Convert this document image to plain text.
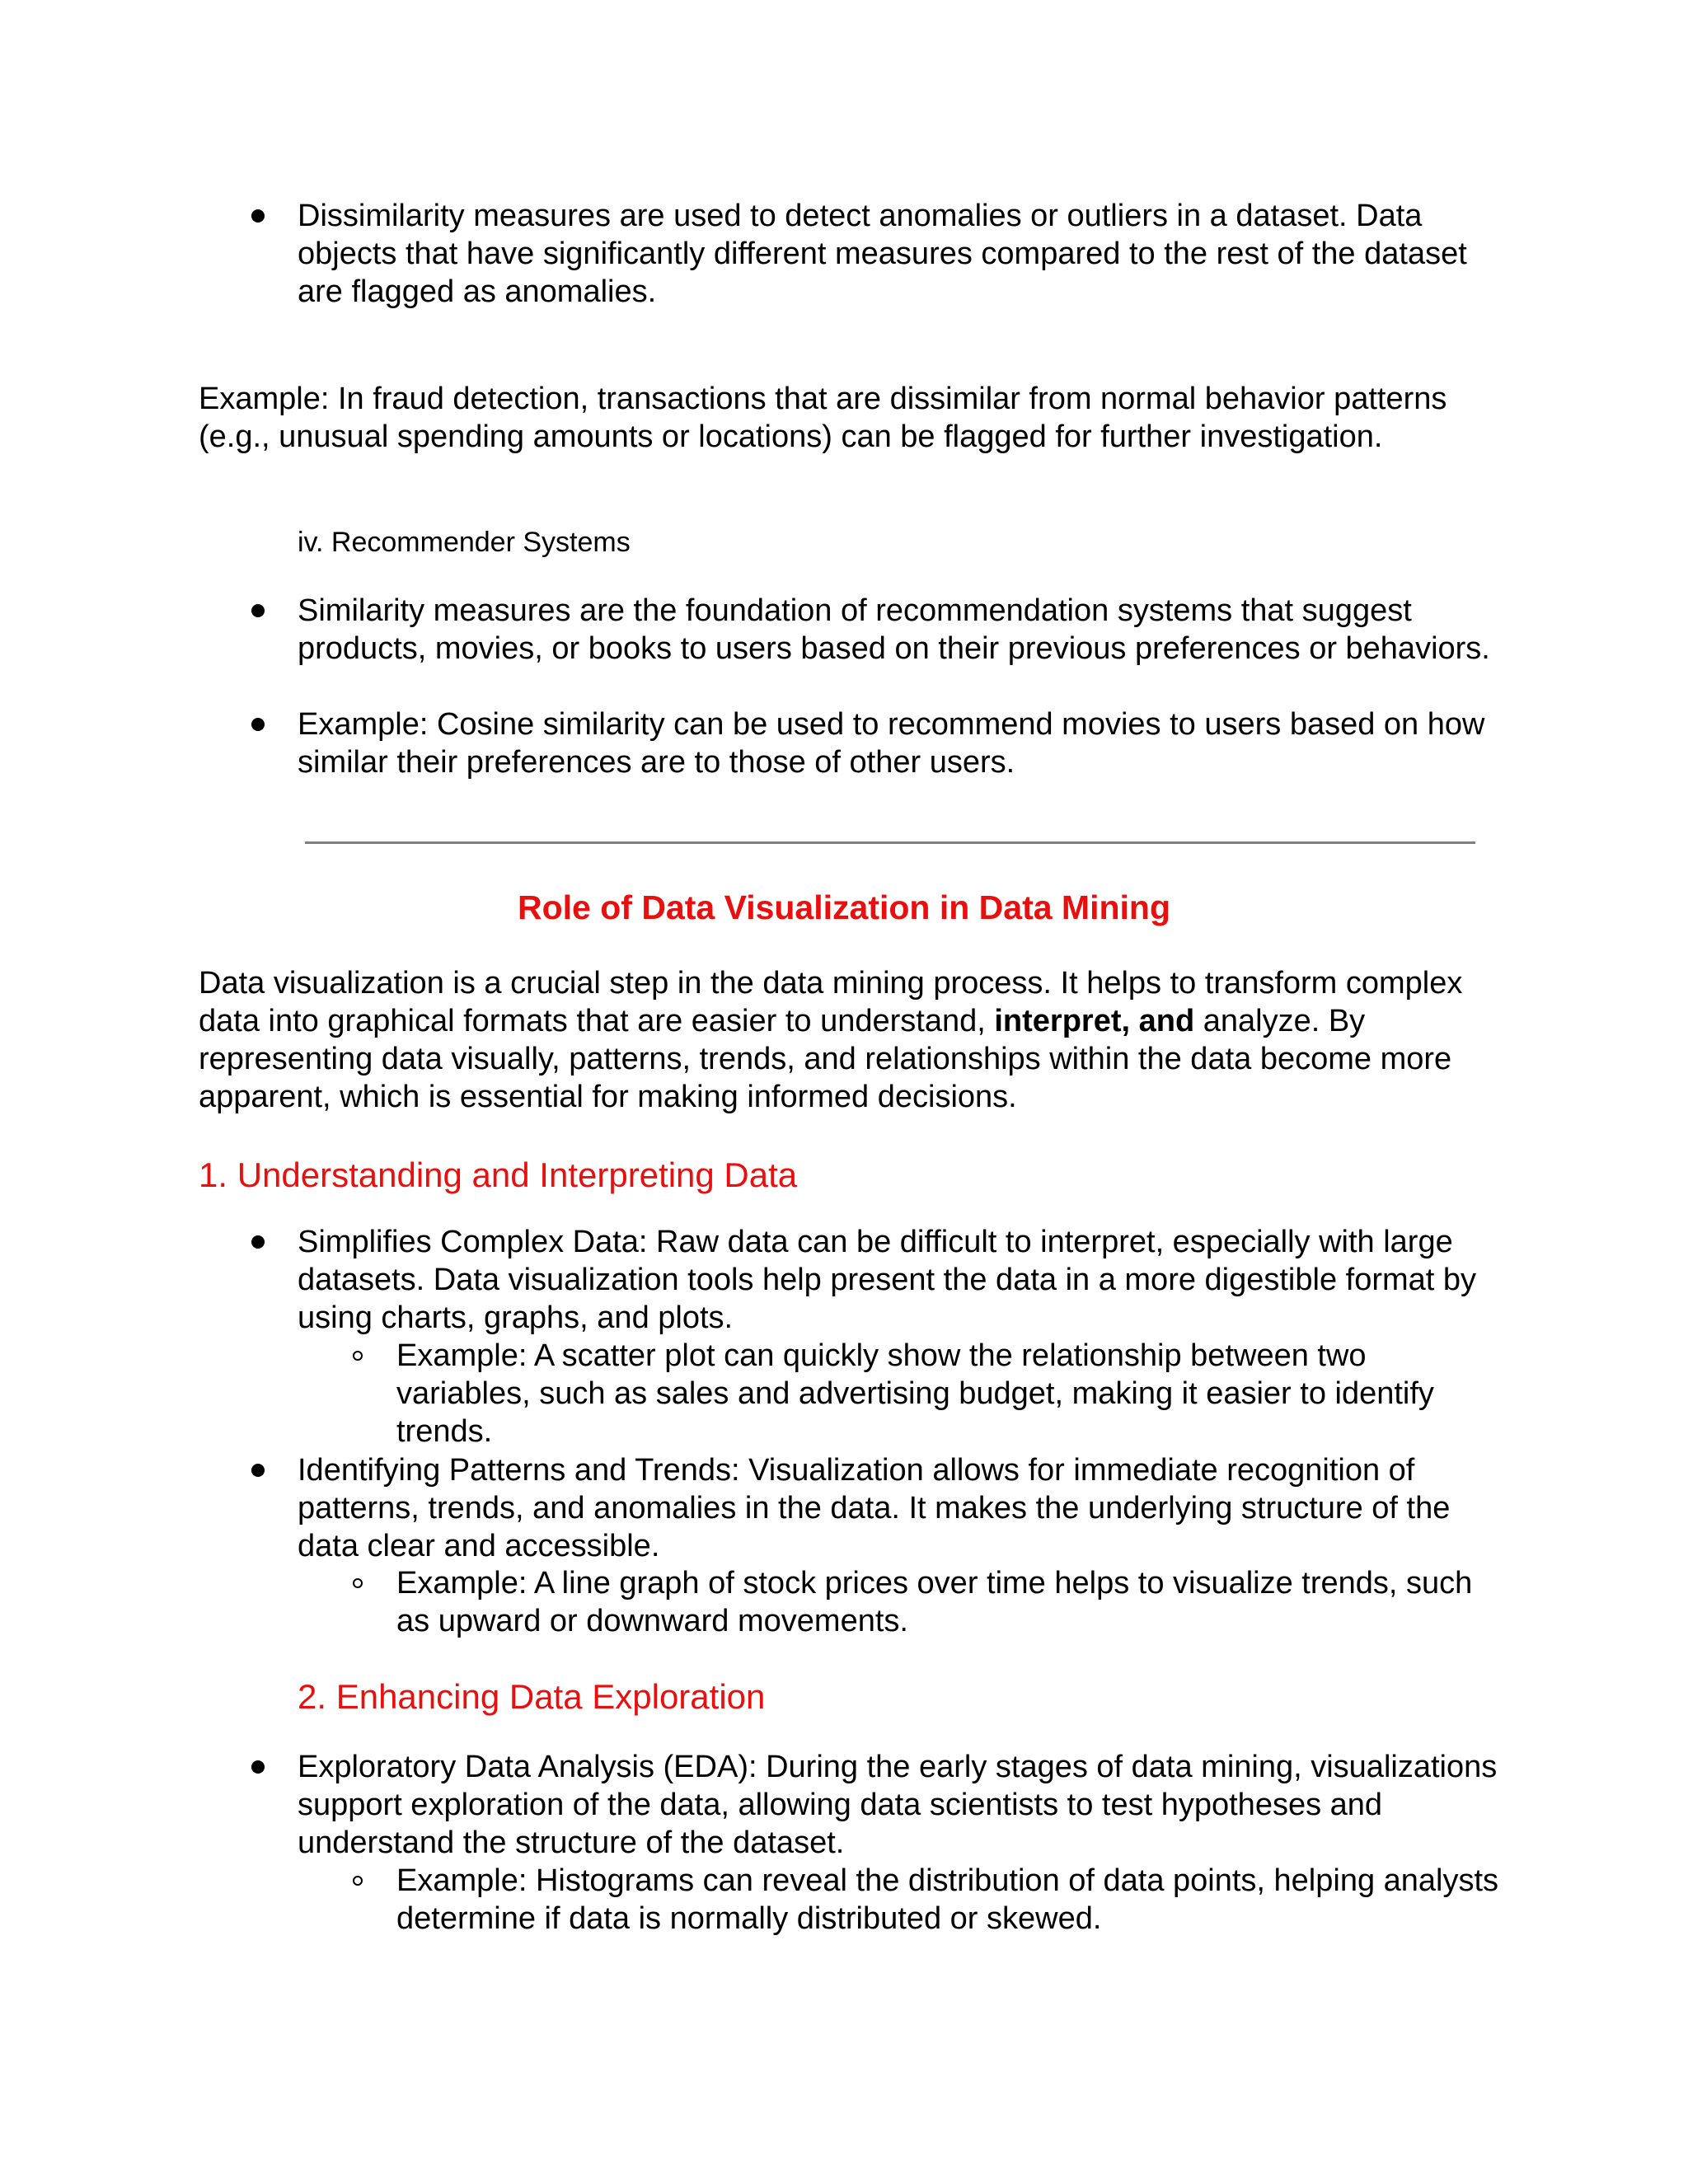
Dissimilarity measures are used to detect anomalies or outliers in a dataset. Data objects that have significantly different measures compared to the rest of the dataset are flagged as anomalies.

Example: In fraud detection, transactions that are dissimilar from normal behavior patterns (e.g., unusual spending amounts or locations) can be flagged for further investigation.

iv. Recommender Systems

Similarity measures are the foundation of recommendation systems that suggest products, movies, or books to users based on their previous preferences or behaviors.

Example: Cosine similarity can be used to recommend movies to users based on how similar their preferences are to those of other users.

Role of Data Visualization in Data Mining

Data visualization is a crucial step in the data mining process. It helps to transform complex data into graphical formats that are easier to understand, interpret, and analyze. By representing data visually, patterns, trends, and relationships within the data become more apparent, which is essential for making informed decisions.

1. Understanding and Interpreting Data

Simplifies Complex Data: Raw data can be difficult to interpret, especially with large datasets. Data visualization tools help present the data in a more digestible format by using charts, graphs, and plots.

Example: A scatter plot can quickly show the relationship between two variables, such as sales and advertising budget, making it easier to identify trends.

Identifying Patterns and Trends: Visualization allows for immediate recognition of patterns, trends, and anomalies in the data. It makes the underlying structure of the data clear and accessible.

Example: A line graph of stock prices over time helps to visualize trends, such as upward or downward movements.

2. Enhancing Data Exploration

Exploratory Data Analysis (EDA): During the early stages of data mining, visualizations support exploration of the data, allowing data scientists to test hypotheses and understand the structure of the dataset.

Example: Histograms can reveal the distribution of data points, helping analysts determine if data is normally distributed or skewed.
